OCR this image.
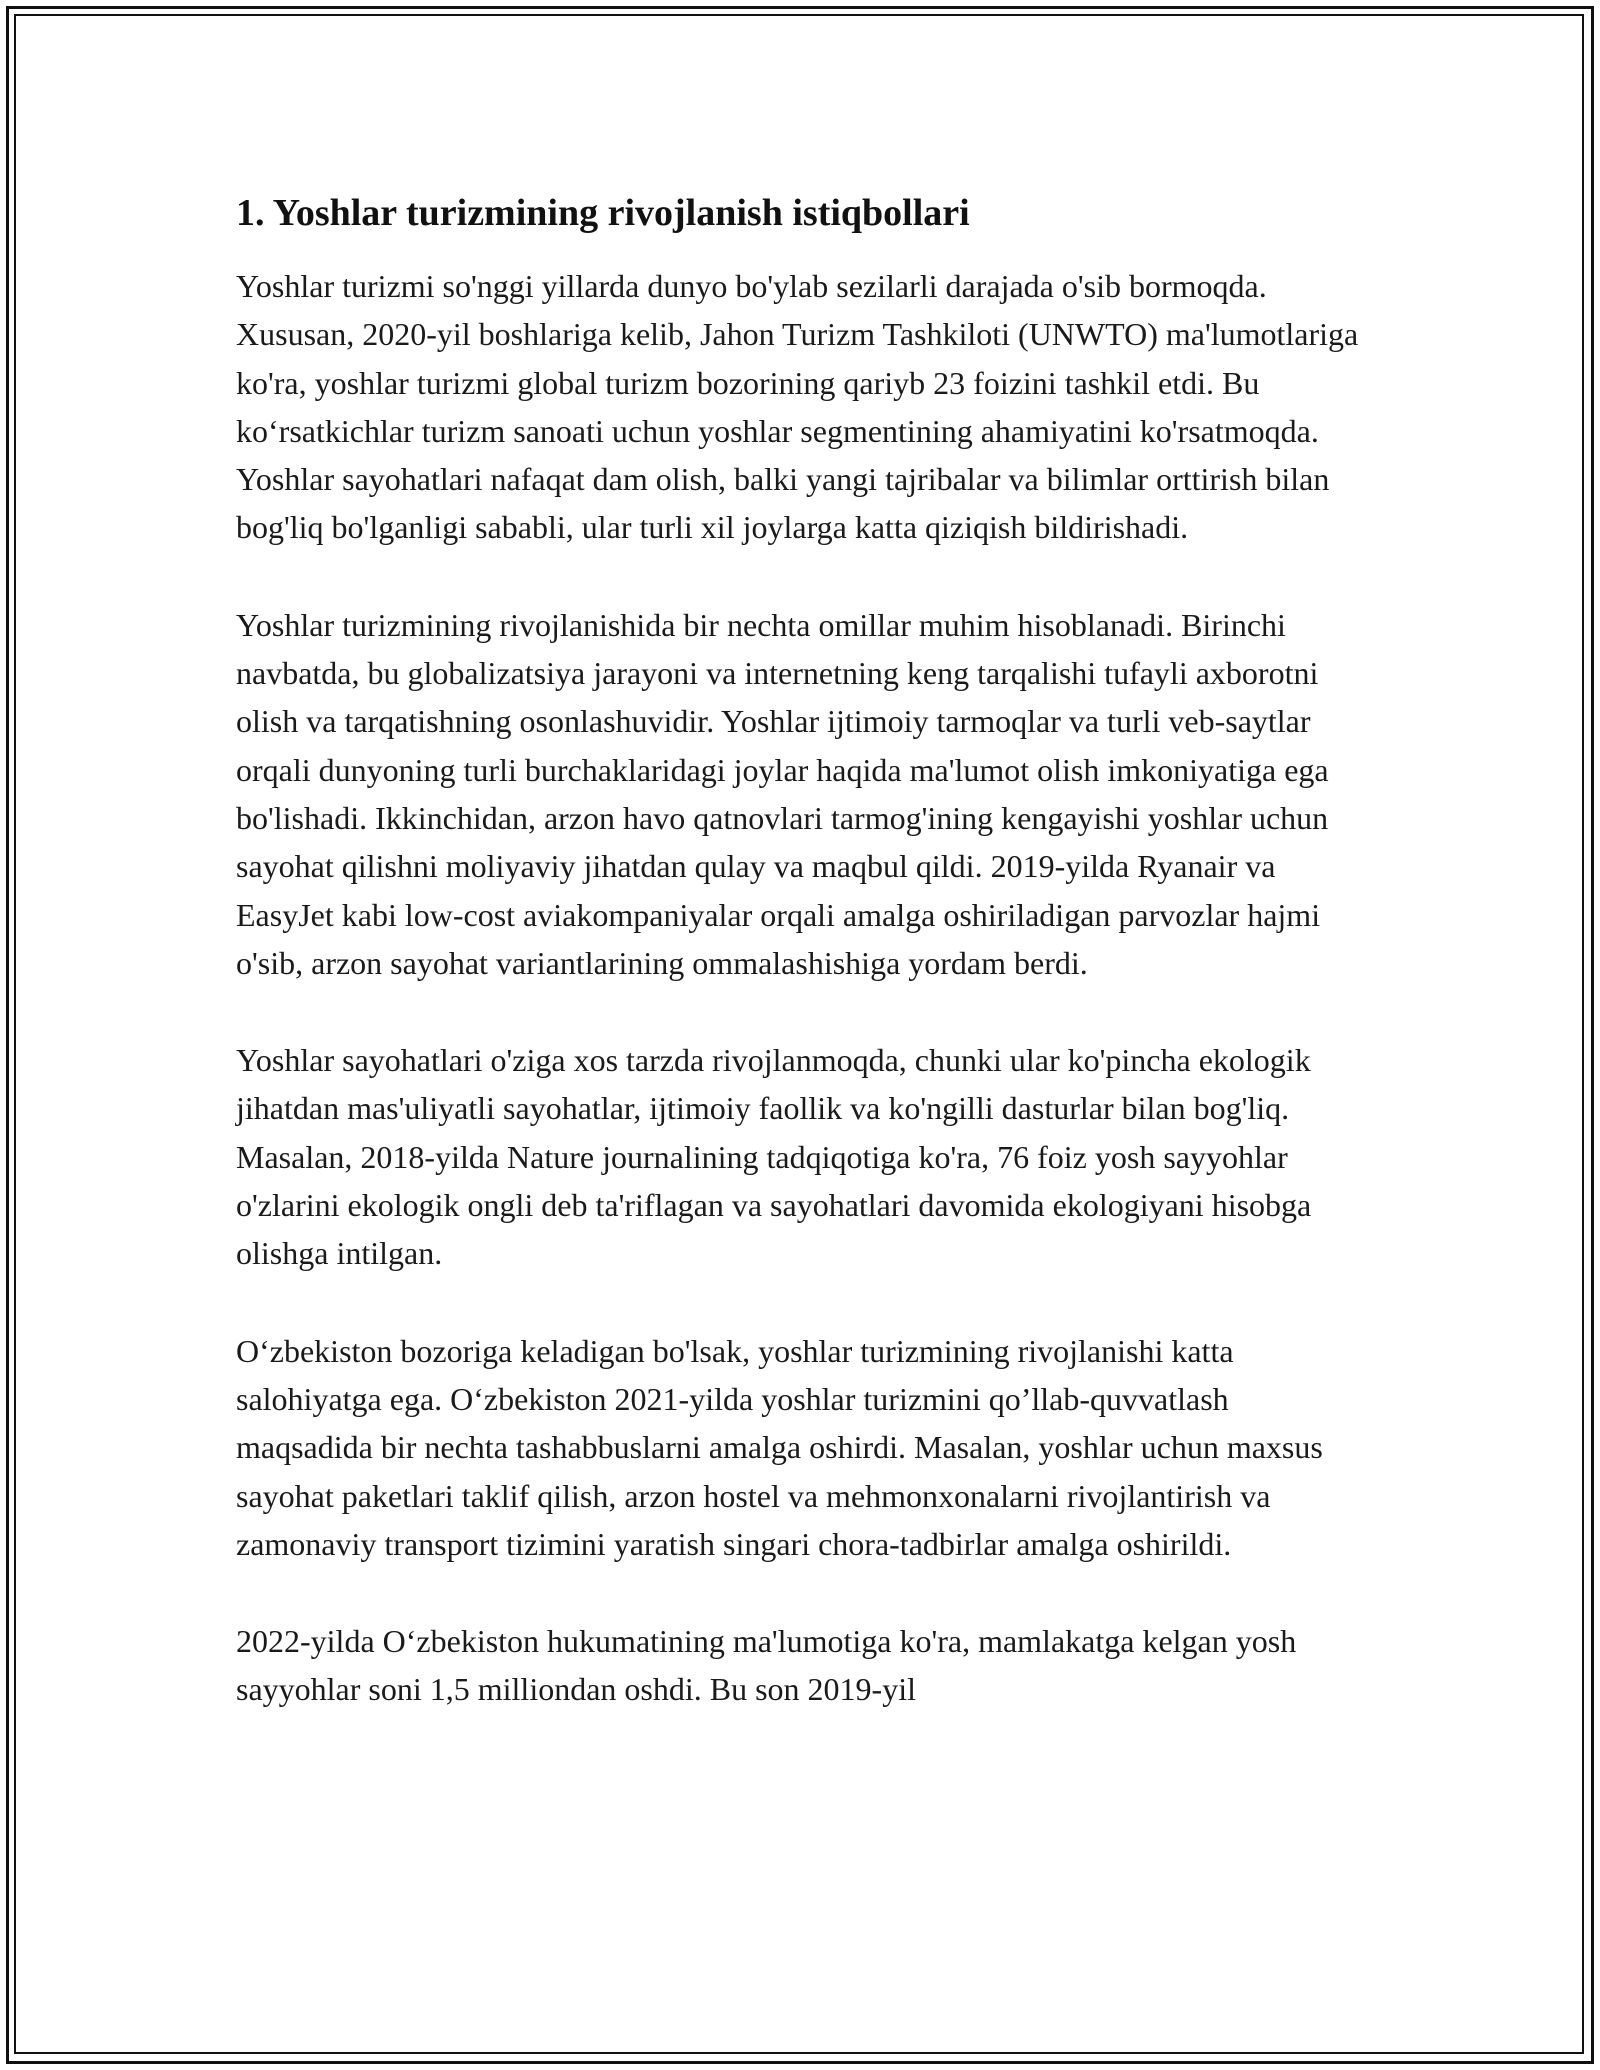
1. Yoshlar turizmining rivojlanish istiqbollari

Yoshlar turizmi so'nggi yillarda dunyo bo'ylab sezilarli darajada o'sib bormoqda. Xususan, 2020-yil boshlariga kelib, Jahon Turizm Tashkiloti (UNWTO) ma'lumotlariga ko'ra, yoshlar turizmi global turizm bozorining qariyb 23 foizini tashkil etdi. Bu ko‘rsatkichlar turizm sanoati uchun yoshlar segmentining ahamiyatini ko'rsatmoqda. Yoshlar sayohatlari nafaqat dam olish, balki yangi tajribalar va bilimlar orttirish bilan bog'liq bo'lganligi sababli, ular turli xil joylarga katta qiziqish bildirishadi.

Yoshlar turizmining rivojlanishida bir nechta omillar muhim hisoblanadi. Birinchi navbatda, bu globalizatsiya jarayoni va internetning keng tarqalishi tufayli axborotni olish va tarqatishning osonlashuvidir. Yoshlar ijtimoiy tarmoqlar va turli veb-saytlar orqali dunyoning turli burchaklaridagi joylar haqida ma'lumot olish imkoniyatiga ega bo'lishadi. Ikkinchidan, arzon havo qatnovlari tarmog'ining kengayishi yoshlar uchun sayohat qilishni moliyaviy jihatdan qulay va maqbul qildi. 2019-yilda Ryanair va EasyJet kabi low-cost aviakompaniyalar orqali amalga oshiriladigan parvozlar hajmi o'sib, arzon sayohat variantlarining ommalashishiga yordam berdi.

Yoshlar sayohatlari o'ziga xos tarzda rivojlanmoqda, chunki ular ko'pincha ekologik jihatdan mas'uliyatli sayohatlar, ijtimoiy faollik va ko'ngilli dasturlar bilan bog'liq. Masalan, 2018-yilda Nature journalining tadqiqotiga ko'ra, 76 foiz yosh sayyohlar o'zlarini ekologik ongli deb ta'riflagan va sayohatlari davomida ekologiyani hisobga olishga intilgan.

O‘zbekiston bozoriga keladigan bo'lsak, yoshlar turizmining rivojlanishi katta salohiyatga ega. O‘zbekiston 2021-yilda yoshlar turizmini qo’llab-quvvatlash maqsadida bir nechta tashabbuslarni amalga oshirdi. Masalan, yoshlar uchun maxsus sayohat paketlari taklif qilish, arzon hostel va mehmonxonalarni rivojlantirish va zamonaviy transport tizimini yaratish singari chora-tadbirlar amalga oshirildi.

2022-yilda O‘zbekiston hukumatining ma'lumotiga ko'ra, mamlakatga kelgan yosh sayyohlar soni 1,5 milliondan oshdi. Bu son 2019-yil
